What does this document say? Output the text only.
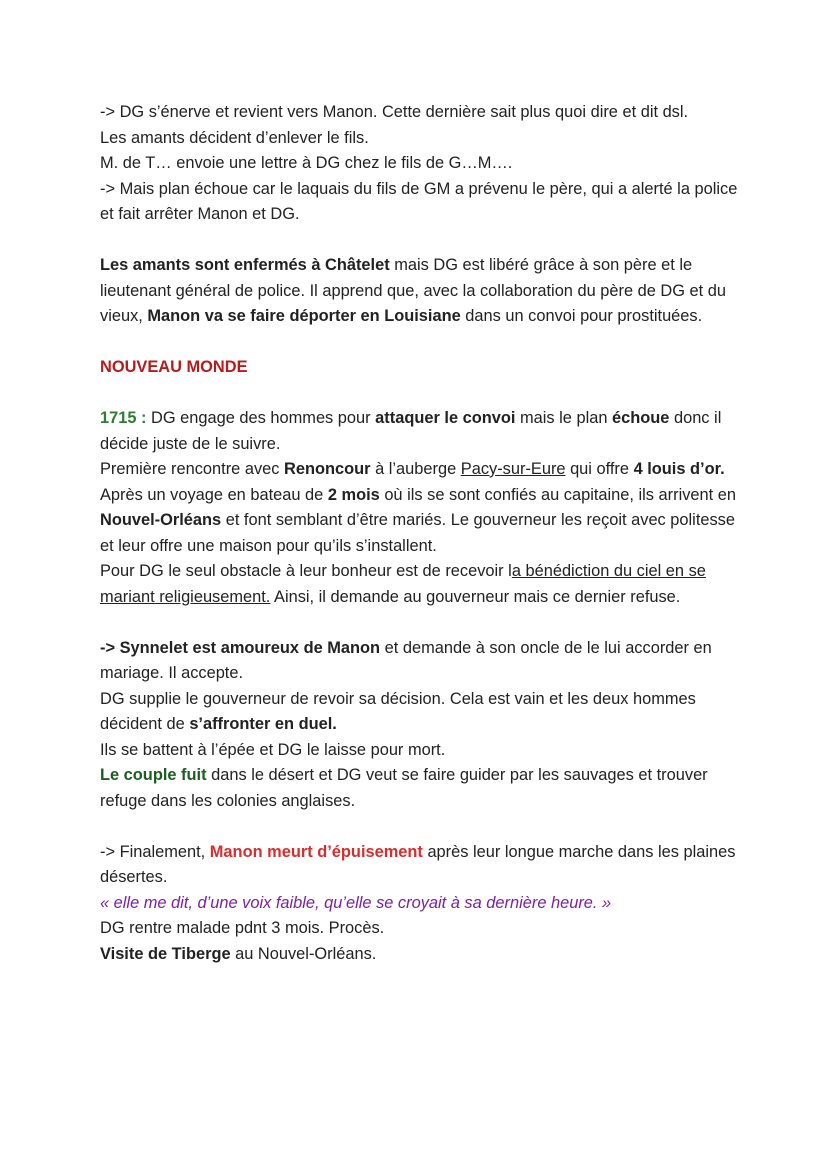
-> DG s’énerve et revient vers Manon. Cette dernière sait plus quoi dire et dit dsl.

Les amants décident d’enlever le fils.

M. de T… envoie une lettre à DG chez le fils de G…M….

-> Mais plan échoue car le laquais du fils de GM a prévenu le père, qui a alerté la police et fait arrêter Manon et DG.

Les amants sont enfermés à Châtelet mais DG est libéré grâce à son père et le lieutenant général de police. Il apprend que, avec la collaboration du père de DG et du vieux, Manon va se faire déporter en Louisiane dans un convoi pour prostituées.

NOUVEAU MONDE

1715 : DG engage des hommes pour attaquer le convoi mais le plan échoue donc il décide juste de le suivre.

Première rencontre avec Renoncour à l’auberge Pacy-sur-Eure qui offre 4 louis d’or.

Après un voyage en bateau de 2 mois où ils se sont confiés au capitaine, ils arrivent en Nouvel-Orléans et font semblant d’être mariés. Le gouverneur les reçoit avec politesse et leur offre une maison pour qu’ils s’installent.

Pour DG le seul obstacle à leur bonheur est de recevoir la bénédiction du ciel en se mariant religieusement. Ainsi, il demande au gouverneur mais ce dernier refuse.

-> Synnelet est amoureux de Manon et demande à son oncle de le lui accorder en mariage. Il accepte.

DG supplie le gouverneur de revoir sa décision. Cela est vain et les deux hommes décident de s’affronter en duel.

Ils se battent à l’épée et DG le laisse pour mort.

Le couple fuit dans le désert et DG veut se faire guider par les sauvages et trouver refuge dans les colonies anglaises.

-> Finalement, Manon meurt d’épuisement après leur longue marche dans les plaines désertes.

« elle me dit, d’une voix faible, qu’elle se croyait à sa dernière heure. »

DG rentre malade pdnt 3 mois. Procès.

Visite de Tiberge au Nouvel-Orléans.
